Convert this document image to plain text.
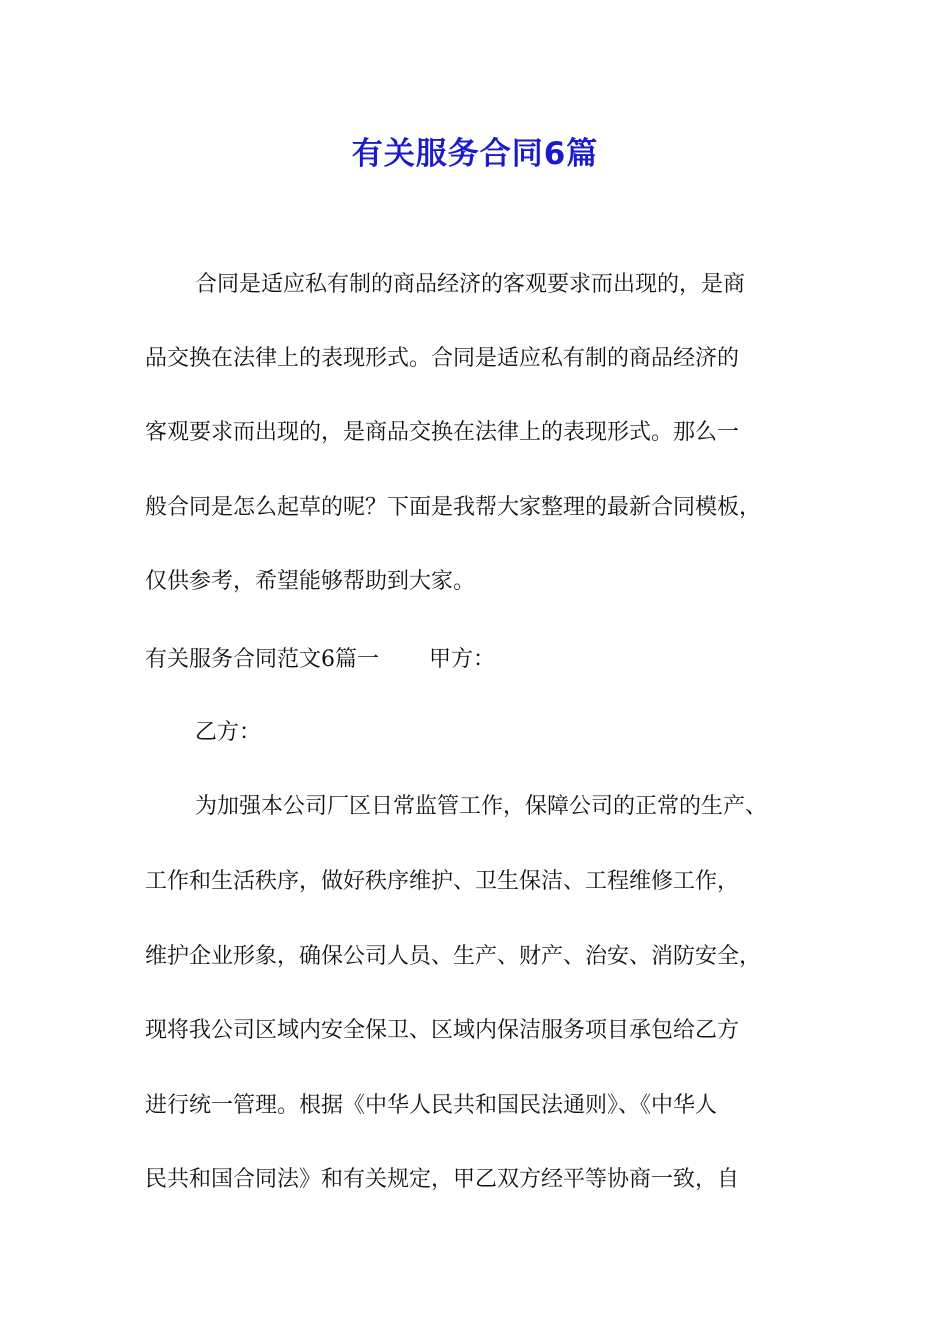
有关服务合同6篇
合同是适应私有制的商品经济的客观要求而出现的，是商
品交换在法律上的表现形式。合同是适应私有制的商品经济的
客观要求而出现的，是商品交换在法律上的表现形式。那么一
般合同是怎么起草的呢？下面是我帮大家整理的最新合同模板，
仅供参考，希望能够帮助到大家。
有关服务合同范文6篇一 甲方：
乙方：
为加强本公司厂区日常监管工作，保障公司的正常的生产、
工作和生活秩序，做好秩序维护、卫生保洁、工程维修工作，
维护企业形象，确保公司人员、生产、财产、治安、消防安全，
现将我公司区域内安全保卫、区域内保洁服务项目承包给乙方
进行统一管理。根据《中华人民共和国民法通则》、《中华人
民共和国合同法》和有关规定，甲乙双方经平等协商一致，自
